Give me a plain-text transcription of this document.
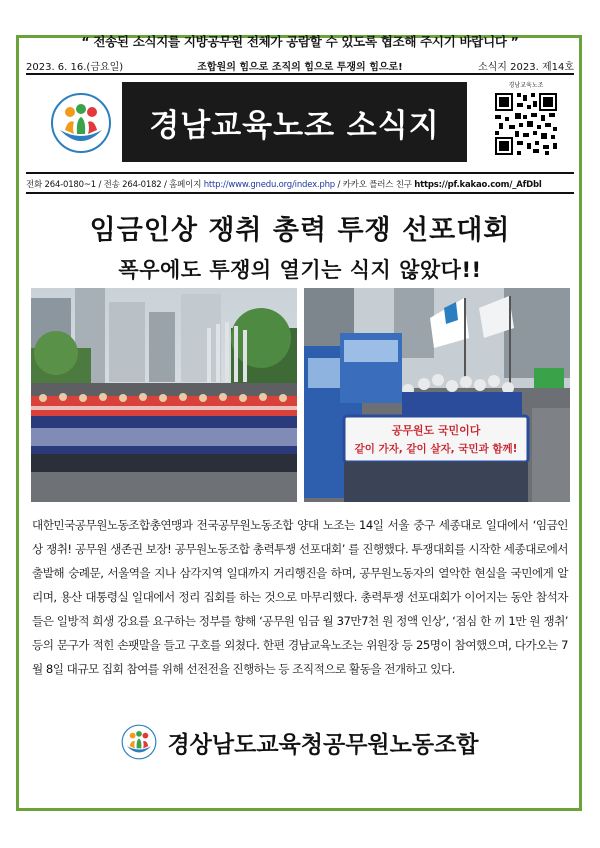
“ 전송된 소식지를 지방공무원 전체가 공람할 수 있도록 협조해 주시기 바랍니다 ”
2023. 6. 16.(금요일)	조합원의 힘으로 조직의 힘으로 투쟁의 힘으로!	소식지 2023. 제14호
경남교육노조 소식지
경남교육노조
전화 264-0180~1 / 전송 264-0182 / 홈페이지 http://www.gnedu.org/index.php / 카카오 플러스 친구 https://pf.kakao.com/_AfDbl
임금인상 쟁취 총력 투쟁 선포대회
폭우에도 투쟁의 열기는 식지 않았다!!
공무원도 국민이다
같이 가자, 같이 살자, 국민과 함께!
대한민국공무원노동조합총연맹과 전국공무원노동조합 양대 노조는 14일 서울 중구 세종대로 일대에서 ‘임금인상 쟁취! 공무원 생존권 보장! 공무원노동조합 총력투쟁 선포대회’ 를 진행했다. 투쟁대회를 시작한 세종대로에서 출발해 숭례문, 서울역을 지나 삼각지역 일대까지 거리행진을 하며, 공무원노동자의 열악한 현실을 국민에게 알리며, 용산 대통령실 일대에서 정리 집회를 하는 것으로 마무리했다. 총력투쟁 선포대회가 이어지는 동안 참석자들은 일방적 희생 강요를 요구하는 정부를 향해 ‘공무원 임금 월 37만7천 원 정액 인상’, ‘점심 한 끼 1만 원 쟁취’ 등의 문구가 적힌 손팻말을 들고 구호를 외쳤다. 한편 경남교육노조는 위원장 등 25명이 참여했으며, 다가오는 7월 8일 대규모 집회 참여를 위해 선전전을 진행하는 등 조직적으로 활동을 전개하고 있다.
경상남도교육청공무원노동조합
